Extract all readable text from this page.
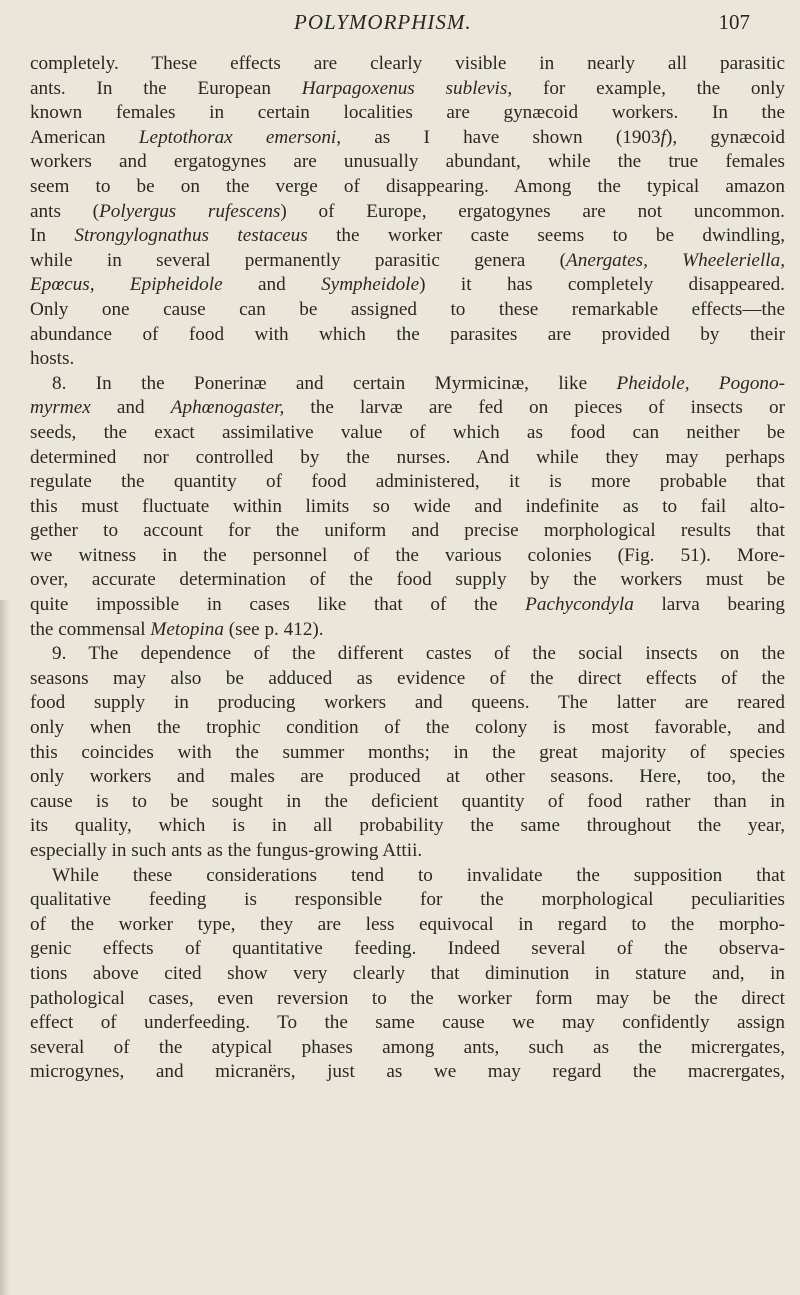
POLYMORPHISM.	107
completely. These effects are clearly visible in nearly all parasitic
ants. In the European Harpagoxenus sublevis, for example, the only
known females in certain localities are gynæcoid workers. In the
American Leptothorax emersoni, as I have shown (1903f), gynæcoid
workers and ergatogynes are unusually abundant, while the true females
seem to be on the verge of disappearing. Among the typical amazon
ants (Polyergus rufescens) of Europe, ergatogynes are not uncommon.
In Strongylognathus testaceus the worker caste seems to be dwindling,
while in several permanently parasitic genera (Anergates, Wheeleriella,
Epœcus, Epipheidole and Sympheidole) it has completely disappeared.
Only one cause can be assigned to these remarkable effects—the
abundance of food with which the parasites are provided by their
hosts.
8. In the Ponerinæ and certain Myrmicinæ, like Pheidole, Pogono-
myrmex and Aphœnogaster, the larvæ are fed on pieces of insects or
seeds, the exact assimilative value of which as food can neither be
determined nor controlled by the nurses. And while they may perhaps
regulate the quantity of food administered, it is more probable that
this must fluctuate within limits so wide and indefinite as to fail alto-
gether to account for the uniform and precise morphological results that
we witness in the personnel of the various colonies (Fig. 51). More-
over, accurate determination of the food supply by the workers must be
quite impossible in cases like that of the Pachycondyla larva bearing
the commensal Metopina (see p. 412).
9. The dependence of the different castes of the social insects on the
seasons may also be adduced as evidence of the direct effects of the
food supply in producing workers and queens. The latter are reared
only when the trophic condition of the colony is most favorable, and
this coincides with the summer months; in the great majority of species
only workers and males are produced at other seasons. Here, too, the
cause is to be sought in the deficient quantity of food rather than in
its quality, which is in all probability the same throughout the year,
especially in such ants as the fungus-growing Attii.
While these considerations tend to invalidate the supposition that
qualitative feeding is responsible for the morphological peculiarities
of the worker type, they are less equivocal in regard to the morpho-
genic effects of quantitative feeding. Indeed several of the observa-
tions above cited show very clearly that diminution in stature and, in
pathological cases, even reversion to the worker form may be the direct
effect of underfeeding. To the same cause we may confidently assign
several of the atypical phases among ants, such as the micrergates,
microgynes, and micranërs, just as we may regard the macrergates,
